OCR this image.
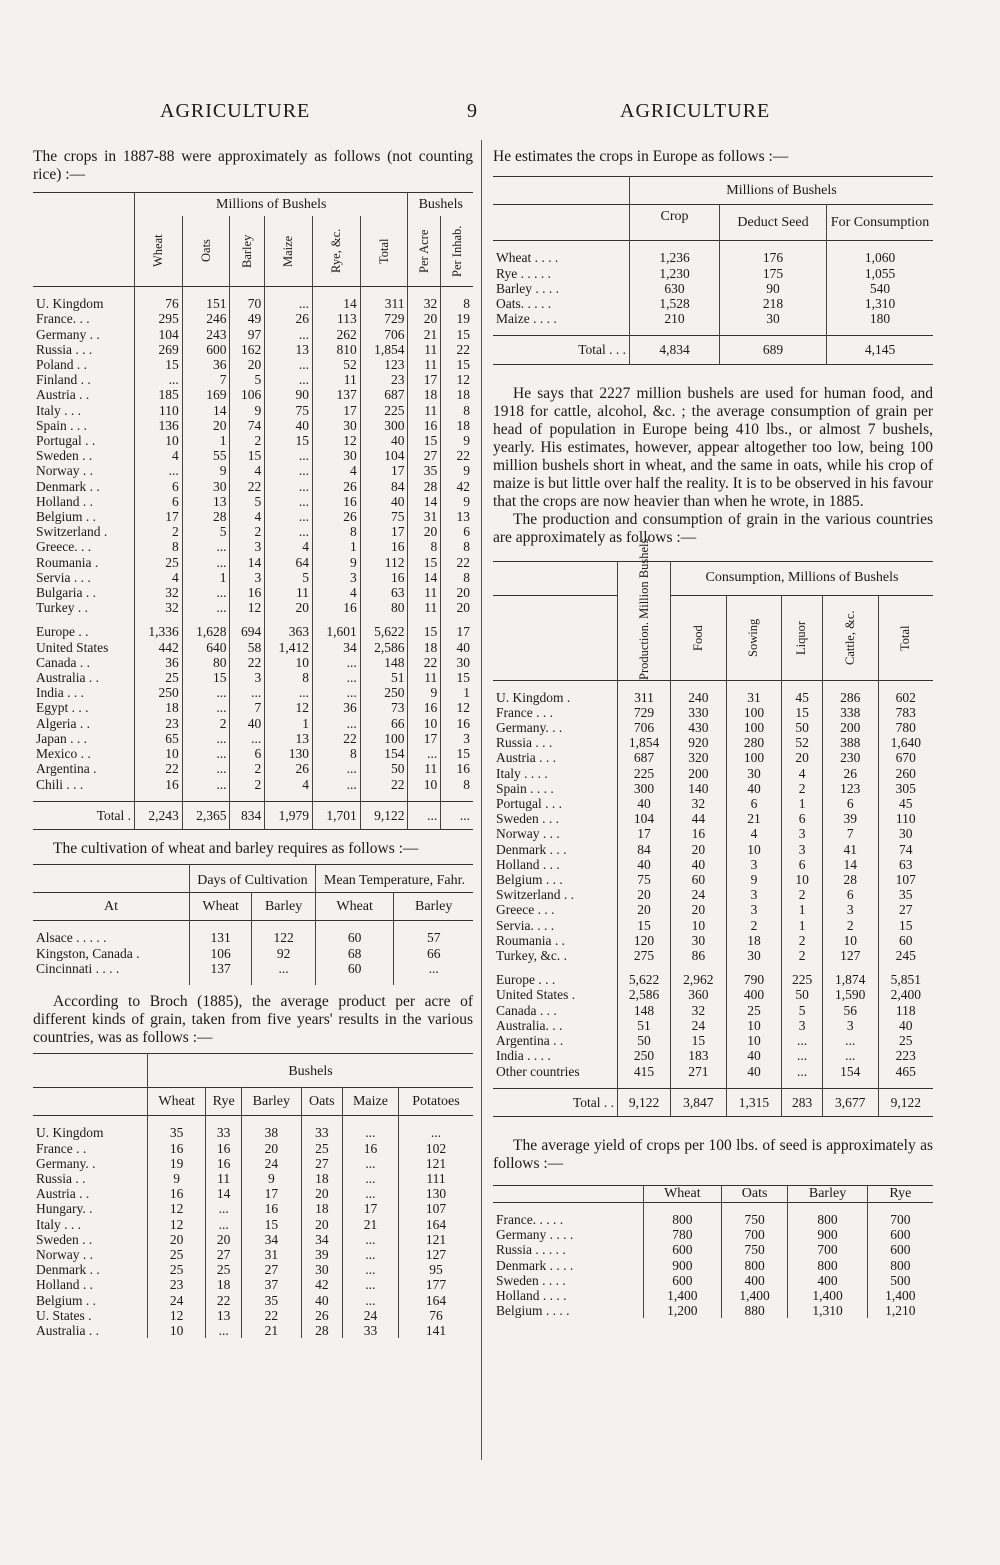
AGRICULTURE	9	AGRICULTURE

The crops in 1887-88 were approximately as follows (not counting rice) :—

	Millions of Bushels						Bushels	

	Wheat	Oats	Barley	Maize	Rye, &c.	Total	Per Acre	Per Inhab.

U. Kingdom	76	151	70	...	14	311	32	8
France. . .	295	246	49	26	113	729	20	19
Germany . .	104	243	97	...	262	706	21	15
Russia . . .	269	600	162	13	810	1,854	11	22
Poland . .	15	36	20	...	52	123	11	15
Finland . .	...	7	5	...	11	23	17	12
Austria . .	185	169	106	90	137	687	18	18
Italy . . .	110	14	9	75	17	225	11	8
Spain . . .	136	20	74	40	30	300	16	18
Portugal . .	10	1	2	15	12	40	15	9
Sweden . .	4	55	15	...	30	104	27	22
Norway . .	...	9	4	...	4	17	35	9
Denmark . .	6	30	22	...	26	84	28	42
Holland . .	6	13	5	...	16	40	14	9
Belgium . .	17	28	4	...	26	75	31	13
Switzerland .	2	5	2	...	8	17	20	6
Greece. . .	8	...	3	4	1	16	8	8
Roumania .	25	...	14	64	9	112	15	22
Servia . . .	4	1	3	5	3	16	14	8
Bulgaria . .	32	...	16	11	4	63	11	20
Turkey . .	32	...	12	20	16	80	11	20

Europe . .	1,336	1,628	694	363	1,601	5,622	15	17
United States	442	640	58	1,412	34	2,586	18	40
Canada . .	36	80	22	10	...	148	22	30
Australia . .	25	15	3	8	...	51	11	15
India . . .	250	...	...	...	...	250	9	1
Egypt . . .	18	...	7	12	36	73	16	12
Algeria . .	23	2	40	1	...	66	10	16
Japan . . .	65	...	...	13	22	100	17	3
Mexico . .	10	...	6	130	8	154	...	15
Argentina .	22	...	2	26	...	50	11	16
Chili . . .	16	...	2	4	...	22	10	8

Total .	2,243	2,365	834	1,979	1,701	9,122	...	...

The cultivation of wheat and barley requires as follows :—

	Days of Cultivation		Mean Temperature, Fahr.	
At	Wheat	Barley	Wheat	Barley

Alsace . . . . .	131	122	60	57
Kingston, Canada .	106	92	68	66
Cincinnati . . . .	137	...	60	...

According to Broch (1885), the average product per acre of different kinds of grain, taken from five years' results in the various countries, was as follows :—

	Bushels					
	Wheat	Rye	Barley	Oats	Maize	Potatoes

U. Kingdom	35	33	38	33	...	...
France . .	16	16	20	25	16	102
Germany. .	19	16	24	27	...	121
Russia . .	9	11	9	18	...	111
Austria . .	16	14	17	20	...	130
Hungary. .	12	...	16	18	17	107
Italy . . .	12	...	15	20	21	164
Sweden . .	20	20	34	34	...	121
Norway . .	25	27	31	39	...	127
Denmark . .	25	25	27	30	...	95
Holland . .	23	18	37	42	...	177
Belgium . .	24	22	35	40	...	164
U. States .	12	13	22	26	24	76
Australia . .	10	...	21	28	33	141

He estimates the crops in Europe as follows :—

	Millions of Bushels		
	Crop	Deduct Seed	For Consumption

Wheat . . . .	1,236	176	1,060
Rye . . . . .	1,230	175	1,055
Barley . . . .	630	90	540
Oats. . . . .	1,528	218	1,310
Maize . . . .	210	30	180

Total . . .	4,834	689	4,145

He says that 2227 million bushels are used for human food, and 1918 for cattle, alcohol, &c. ; the average consumption of grain per head of population in Europe being 410 lbs., or almost 7 bushels, yearly. His estimates, however, appear altogether too low, being 100 million bushels short in wheat, and the same in oats, while his crop of maize is but little over half the reality. It is to be observed in his favour that the crops are now heavier than when he wrote, in 1885.

The production and consumption of grain in the various countries are approximately as follows :—

	Production. Million Bushels	Consumption, Millions of Bushels				

		Food	Sowing	Liquor	Cattle, &c.	Total

U. Kingdom .	311	240	31	45	286	602
France . . .	729	330	100	15	338	783
Germany. . .	706	430	100	50	200	780
Russia . . .	1,854	920	280	52	388	1,640
Austria . . .	687	320	100	20	230	670
Italy . . . .	225	200	30	4	26	260
Spain . . . .	300	140	40	2	123	305
Portugal . . .	40	32	6	1	6	45
Sweden . . .	104	44	21	6	39	110
Norway . . .	17	16	4	3	7	30
Denmark . . .	84	20	10	3	41	74
Holland . . .	40	40	3	6	14	63
Belgium . . .	75	60	9	10	28	107
Switzerland . .	20	24	3	2	6	35
Greece . . .	20	20	3	1	3	27
Servia. . . .	15	10	2	1	2	15
Roumania . .	120	30	18	2	10	60
Turkey, &c. .	275	86	30	2	127	245

Europe . . .	5,622	2,962	790	225	1,874	5,851
United States .	2,586	360	400	50	1,590	2,400
Canada . . .	148	32	25	5	56	118
Australia. . .	51	24	10	3	3	40
Argentina . .	50	15	10	...	...	25
India . . . .	250	183	40	...	...	223
Other countries	415	271	40	...	154	465

Total . .	9,122	3,847	1,315	283	3,677	9,122

The average yield of crops per 100 lbs. of seed is approximately as follows :—

	Wheat	Oats	Barley	Rye

France. . . . .	800	750	800	700
Germany . . . .	780	700	900	600
Russia . . . . .	600	750	700	600
Denmark . . . .	900	800	800	800
Sweden . . . .	600	400	400	500
Holland . . . .	1,400	1,400	1,400	1,400
Belgium . . . .	1,200	880	1,310	1,210
